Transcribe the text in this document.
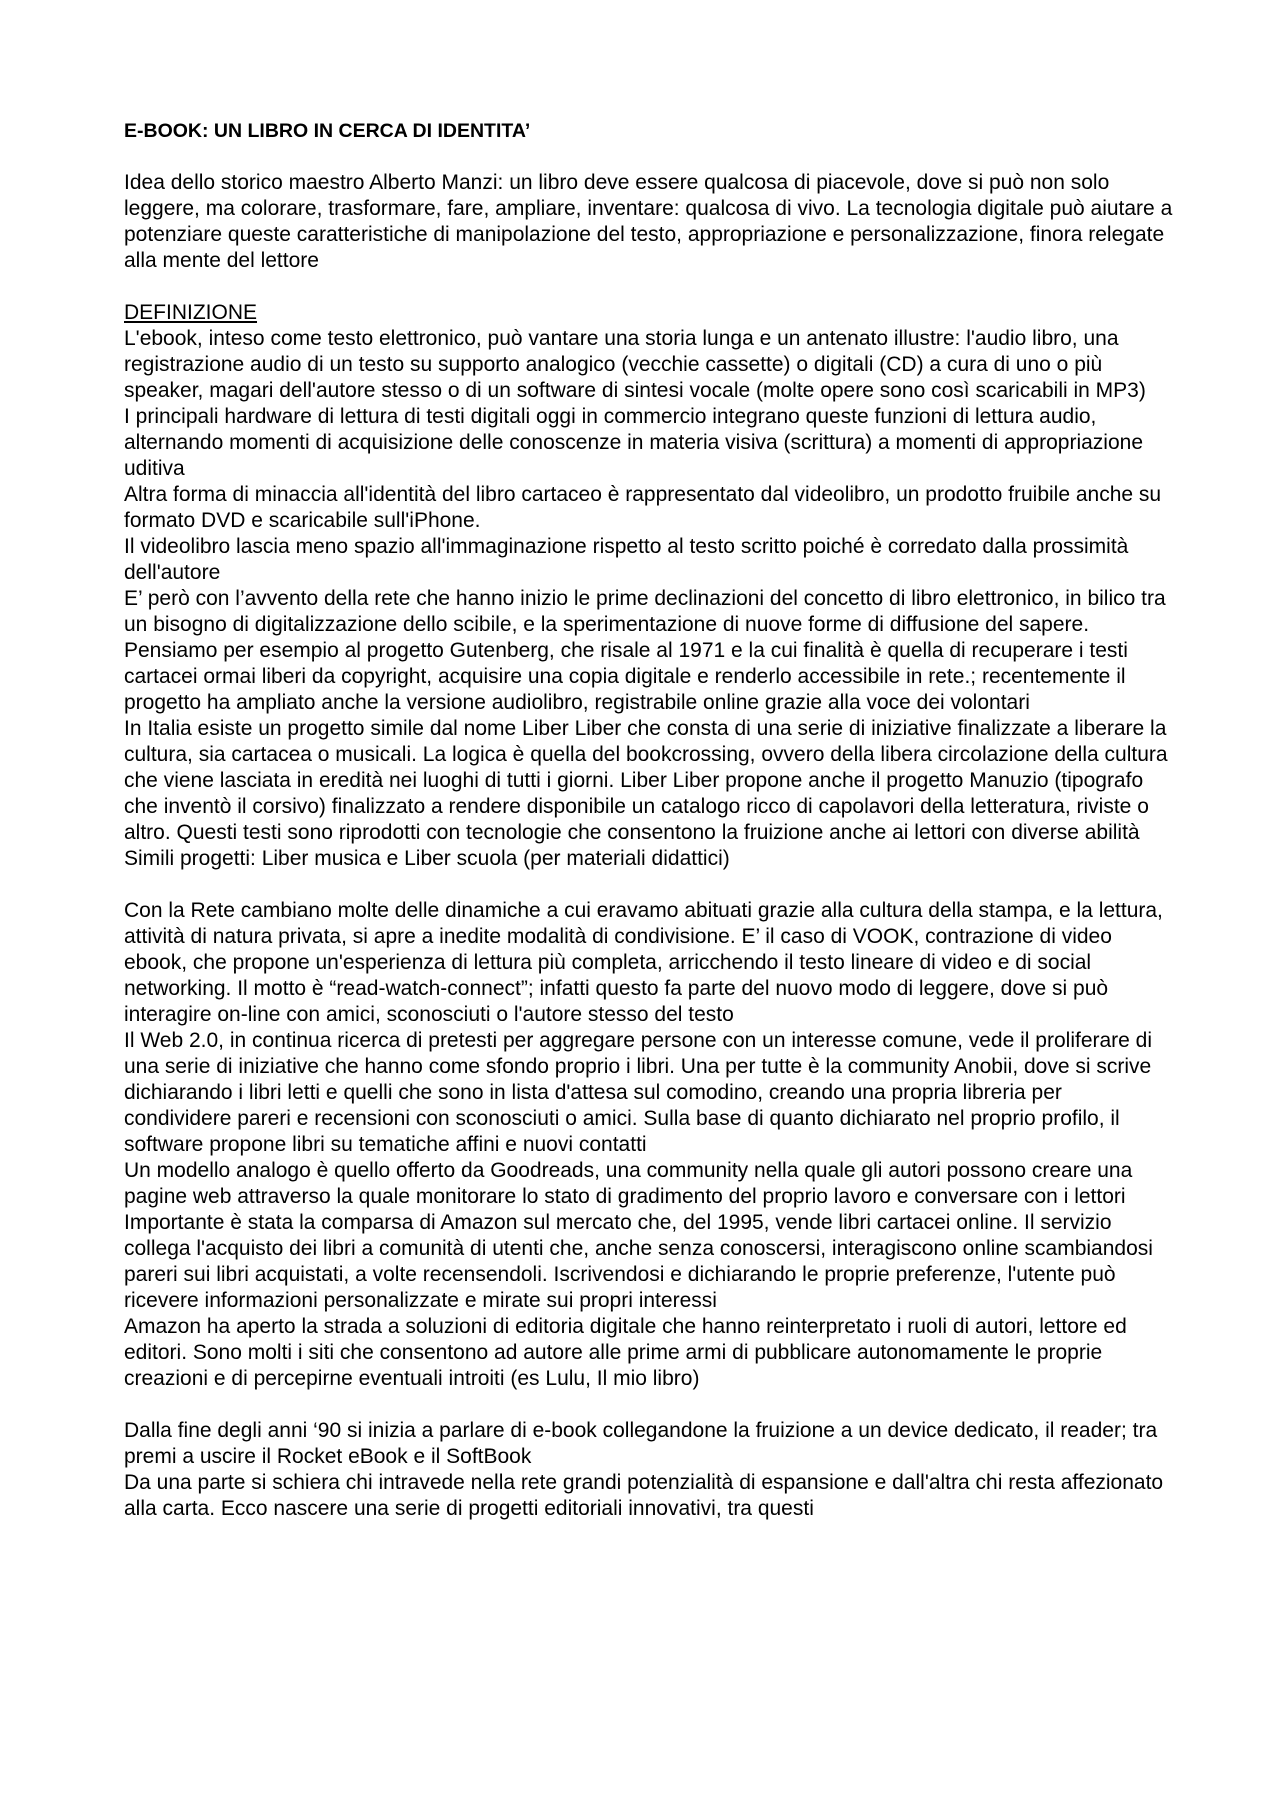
E-BOOK: UN LIBRO IN CERCA DI IDENTITA’

Idea dello storico maestro Alberto Manzi: un libro deve essere qualcosa di piacevole, dove si può non solo leggere, ma colorare, trasformare, fare, ampliare, inventare: qualcosa di vivo. La tecnologia digitale può aiutare a potenziare queste caratteristiche di manipolazione del testo, appropriazione e personalizzazione, finora relegate alla mente del lettore

DEFINIZIONE

L'ebook, inteso come testo elettronico, può vantare una storia lunga e un antenato illustre: l'audio libro, una registrazione audio di un testo su supporto analogico (vecchie cassette) o digitali (CD) a cura di uno o più speaker, magari dell'autore stesso o di un software di sintesi vocale (molte opere sono così scaricabili in MP3)

I principali hardware di lettura di testi digitali oggi in commercio integrano queste funzioni di lettura audio, alternando momenti di acquisizione delle conoscenze in materia visiva (scrittura) a momenti di appropriazione uditiva

Altra forma di minaccia all'identità del libro cartaceo è rappresentato dal videolibro, un prodotto fruibile anche su formato DVD e scaricabile sull'iPhone.

Il videolibro lascia meno spazio all'immaginazione rispetto al testo scritto poiché è corredato dalla prossimità dell'autore

E’ però con l’avvento della rete che hanno inizio le prime declinazioni del concetto di libro elettronico, in bilico tra un bisogno di digitalizzazione dello scibile, e la sperimentazione di nuove forme di diffusione del sapere. Pensiamo per esempio al progetto Gutenberg, che risale al 1971 e la cui finalità è quella di recuperare i testi cartacei ormai liberi da copyright, acquisire una copia digitale e renderlo accessibile in rete.; recentemente il progetto ha ampliato anche la versione audiolibro, registrabile online grazie alla voce dei volontari

In Italia esiste un progetto simile dal nome Liber Liber che consta di una serie di iniziative finalizzate a liberare la cultura, sia cartacea o musicali. La logica è quella del bookcrossing, ovvero della libera circolazione della cultura che viene lasciata in eredità nei luoghi di tutti i giorni. Liber Liber propone anche il progetto Manuzio (tipografo che inventò il corsivo) finalizzato a rendere disponibile un catalogo ricco di capolavori della letteratura, riviste o altro. Questi testi sono riprodotti con tecnologie che consentono la fruizione anche ai lettori con diverse abilità

Simili progetti: Liber musica e Liber scuola (per materiali didattici)

Con la Rete cambiano molte delle dinamiche a cui eravamo abituati grazie alla cultura della stampa, e la lettura, attività di natura privata, si apre a inedite modalità di condivisione. E’ il caso di VOOK, contrazione di video ebook, che propone un'esperienza di lettura più completa, arricchendo il testo lineare di video e di social networking. Il motto è “read-watch-connect”; infatti questo fa parte del nuovo modo di leggere, dove si può interagire on-line con amici, sconosciuti o l'autore stesso del testo

Il Web 2.0, in continua ricerca di pretesti per aggregare persone con un interesse comune, vede il proliferare di una serie di iniziative che hanno come sfondo proprio i libri. Una per tutte è la community Anobii, dove si scrive dichiarando i libri letti e quelli che sono in lista d'attesa sul comodino, creando una propria libreria per condividere pareri e recensioni con sconosciuti o amici. Sulla base di quanto dichiarato nel proprio profilo, il software propone libri su tematiche affini e nuovi contatti

Un modello analogo è quello offerto da Goodreads, una community nella quale gli autori possono creare una pagine web attraverso la quale monitorare lo stato di gradimento del proprio lavoro e conversare con i lettori

Importante è stata la comparsa di Amazon sul mercato che, del 1995, vende libri cartacei online. Il servizio collega l'acquisto dei libri a comunità di utenti che, anche senza conoscersi, interagiscono online scambiandosi pareri sui libri acquistati, a volte recensendoli. Iscrivendosi e dichiarando le proprie preferenze, l'utente può ricevere informazioni personalizzate e mirate sui propri interessi

Amazon ha aperto la strada a soluzioni di editoria digitale che hanno reinterpretato i ruoli di autori, lettore ed editori. Sono molti i siti che consentono ad autore alle prime armi di pubblicare autonomamente le proprie creazioni e di percepirne eventuali introiti (es Lulu, Il mio libro)

Dalla fine degli anni ‘90 si inizia a parlare di e-book collegandone la fruizione a un device dedicato, il reader; tra premi a uscire il Rocket eBook e il SoftBook

Da una parte si schiera chi intravede nella rete grandi potenzialità di espansione e dall'altra chi resta affezionato alla carta. Ecco nascere una serie di progetti editoriali innovativi, tra questi
